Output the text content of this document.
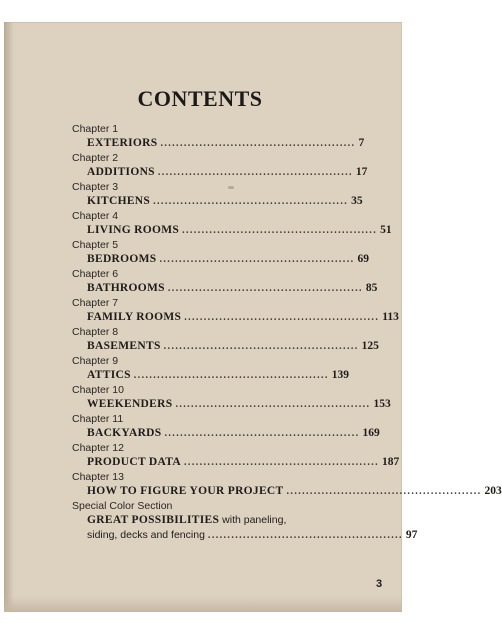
CONTENTS
Chapter 1
EXTERIORS .................................................. 7
Chapter 2
ADDITIONS .................................................. 17
Chapter 3
KITCHENS .................................................. 35
Chapter 4
LIVING ROOMS .................................................. 51
Chapter 5
BEDROOMS .................................................. 69
Chapter 6
BATHROOMS .................................................. 85
Chapter 7
FAMILY ROOMS .................................................. 113
Chapter 8
BASEMENTS .................................................. 125
Chapter 9
ATTICS .................................................. 139
Chapter 10
WEEKENDERS .................................................. 153
Chapter 11
BACKYARDS .................................................. 169
Chapter 12
PRODUCT DATA .................................................. 187
Chapter 13
HOW TO FIGURE YOUR PROJECT .................................................. 203
Special Color Section
GREAT POSSIBILITIES with paneling,
siding, decks and fencing .................................................. 97
3
